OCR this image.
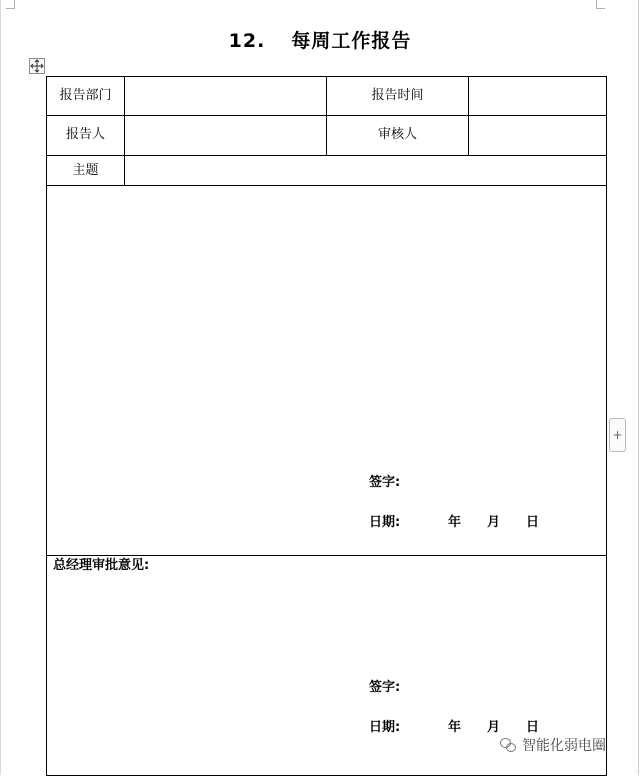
12. 每周工作报告
+
报告部门	报告时间
报告人	审核人
主题
签字:
日期:	年 月 日
总经理审批意见:
签字:
日期:	年 月 日
智能化弱电圈
